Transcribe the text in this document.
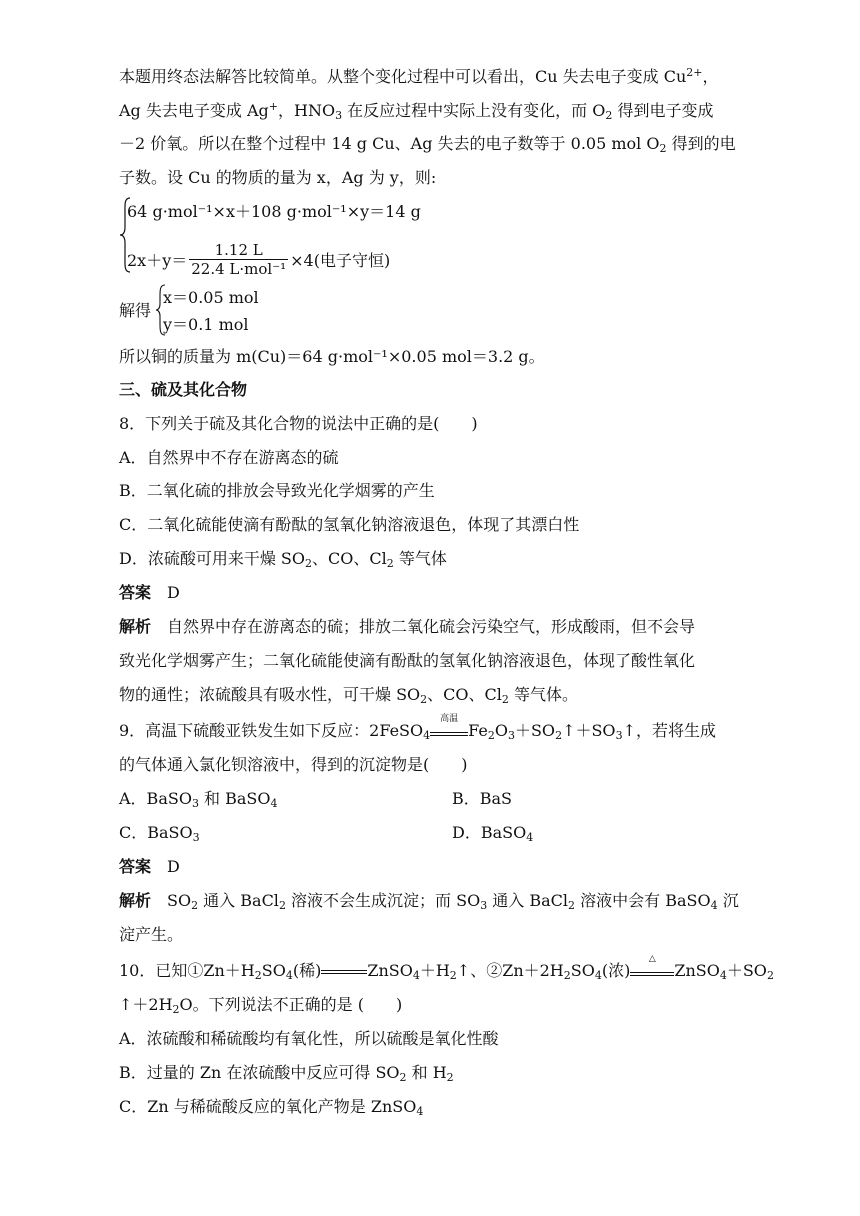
本题用终态法解答比较简单。从整个变化过程中可以看出，Cu 失去电子变成 $Cu^{2+}$，
Ag 失去电子变成 Ag+，$HNO_3$ 在反应过程中实际上没有变化，而 $O_2$ 得到电子变成
－2 价氧。所以在整个过程中 14 g Cu、Ag 失去的电子数等于 0.05 mol $O_2$ 得到的电
子数。设 Cu 的物质的量为 x，Ag 为 y，则:
64 g·mol⁻¹×x＋108 g·mol⁻¹×y＝14 g
$2x+y= \frac{1.12 L}{\text{22.4 L·mol⁻¹}} \times 4$(电子守恒)
解得
x＝0.05 mol
y＝0.1 mol
所以铜的质量为 m(Cu)＝64 g·mol⁻¹×0.05 mol＝3.2 g。
三、硫及其化合物
8．下列关于硫及其化合物的说法中正确的是(　　)
A．自然界中不存在游离态的硫
B．二氧化硫的排放会导致光化学烟雾的产生
C．二氧化硫能使滴有酚酞的氢氧化钠溶液退色，体现了其漂白性
D．浓硫酸可用来干燥 $SO_2$、CO、$Cl_2$ 等气体
答案  D
解析  自然界中存在游离态的硫；排放二氧化硫会污染空气，形成酸雨，但不会导
致光化学烟雾产生；二氧化硫能使滴有酚酞的氢氧化钠溶液退色，体现了酸性氧化
物的通性；浓硫酸具有吸水性，可干燥 $SO_2$、CO、$Cl_2$ 等气体。
9．高温下硫酸亚铁发生如下反应：2FeSO$_4$
高温
$Fe_2O_3+SO_2↑+SO_3↑$，若将生成
的气体通入氯化钡溶液中，得到的沉淀物是(　　)
A．BaSO$_3$ 和 BaSO$_4$	B．BaS
C．BaSO$_3$	D．BaSO$_4$
答案  D
解析  $SO_2$ 通入 BaCl$_2$ 溶液不会生成沉淀；而 $SO_3$ 通入 BaCl$_2$ 溶液中会有 BaSO$_4$ 沉
淀产生。
10．已知$①Zn+H_2SO_4$(稀)	$ZnSO_4+H_2↑$、$②Zn+2H_2SO_4$(浓)
△
$ZnSO_4+SO_2$
$↑+2H_2O$。下列说法不正确的是 (　　)
A．浓硫酸和稀硫酸均有氧化性，所以硫酸是氧化性酸
B．过量的 Zn 在浓硫酸中反应可得 $SO_2$ 和 $H_2$
C．Zn 与稀硫酸反应的氧化产物是 ZnSO$_4$
